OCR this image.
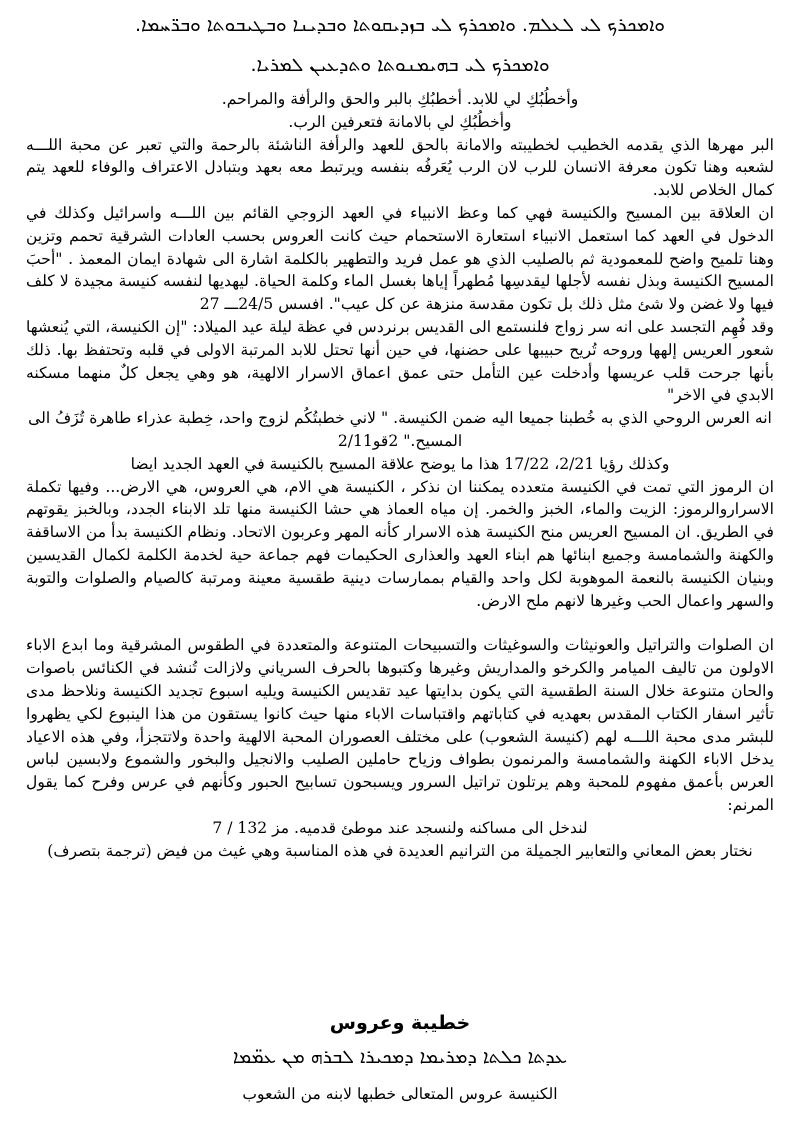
ܘܐܡܟܪܟ ܠܝ ܠܥܠܡ. ܘܐܡܟܪܟ ܠܝ ܒܙܕܝܩܘܬܐ ܘܒܕܝܢܐ ܘܒܛܝܒܘܬܐ ܘܒܪ̈ܚܡܐ.
ܘܐܡܟܪܟ ܠܝ ܒܗܝܡܢܘܬܐ ܘܬܕܥܝܢ ܠܡܪܝܐ.

وأخطُبُكِ لي للابد. أخطبُكِ بالبر والحق والرأفة والمراحم.

وأخطُبُكِ لي بالامانة فتعرفين الرب.

البر مهرها الذي يقدمه الخطيب لخطيبته والامانة بالحق للعهد والرأفة الناشئة بالرحمة والتي تعبر عن محبة اللـــه لشعبه وهنا تكون معرفة الانسان للرب لان الرب يُعَرفُه بنفسه ويرتبط معه بعهد وبتبادل الاعتراف والوفاء للعهد يتم كمال الخلاص للابد.

ان العلاقة بين المسيح والكنيسة فهي كما وعظ الانبياء في العهد الزوجي القائم بين اللـــه واسرائيل وكذلك في الدخول في العهد كما استعمل الانبياء استعارة الاستحمام حيث كانت العروس بحسب العادات الشرقية تحمم وتزين وهنا تلميح واضح للمعمودية ثم بالصليب الذي هو عمل فريد والتطهير بالكلمة اشارة الى شهادة ايمان المعمذ . "أحبَ المسيح الكنيسة وبذل نفسه لأجلها ليقدسِها مُطهراً إياها بغسل الماء وكلمة الحياة. ليهديها لنفسه كنيسة مجيدة لا كلف فيها ولا غضن ولا شئ مثل ذلك بل تكون مقدسة منزهة عن كل عيب". افسس 24/5ـــ 27

وقد فُهِم التجسد على انه سر زواج فلنستمع الى القديس برنردس في عظة ليلة عيد الميلاد: "إن الكنيسة، التي يُنعشها شعور العريس إلهها وروحه تُريح حبيبها على حضنها، في حين أنها تحتل للابد المرتبة الاولى في قلبه وتحتفظ بها. ذلك بأنها جرحت قلب عريسها وأدخلت عين التأمل حتى عمق اعماق الاسرار الالهية، هو وهي يجعل كلٌ منهما مسكنه الابدي في الاخر"

انه العرس الروحي الذي به خُطبنا جميعا اليه ضمن الكنيسة. " لاني خطبتُكُم لزوج واحد، خِطبة عذراء طاهرة تُزَفُ الى المسيح." 2قو2/11

وكذلك رؤيا 2/21، 17/22 هذا ما يوضح علاقة المسيح بالكنيسة في العهد الجديد ايضا

ان الرموز التي تمت في الكنيسة متعدده يمكننا ان نذكر ، الكنيسة هي الام، هي العروس، هي الارض... وفيها تكملة الاسراروالرموز: الزيت والماء، الخبز والخمر. إن مياه العماذ هي حشا الكنيسة منها تلد الابناء الجدد، وبالخبز يقوتهم في الطريق. ان المسيح العريس منح الكنيسة هذه الاسرار كأنه المهر وعربون الاتحاد. ونظام الكنيسة بدأ من الاساقفة والكهنة والشمامسة وجميع ابنائها هم ابناء العهد والعذارى الحكيمات فهم جماعة حية لخدمة الكلمة لكمال القديسين وبنيان الكنيسة بالنعمة الموهوبة لكل واحد والقيام بممارسات دينية طقسية معينة ومرتبة كالصيام والصلوات والتوبة والسهر واعمال الحب وغيرها لانهم ملح الارض.

ان الصلوات والتراتيل والعونيثات والسوغيثات والتسبيحات المتنوعة والمتعددة في الطقوس المشرقية وما ابدع الاباء الاولون من تاليف الميامر والكرخو والمداريش وغيرها وكتبوها بالحرف السرياني ولازالت تُنشد في الكنائس باصوات والحان متنوعة خلال السنة الطقسية التي يكون بدايتها عيد تقديس الكنيسة ويليه اسبوع تجديد الكنيسة ونلاحظ مدى تأثير اسفار الكتاب المقدس بعهديه في كتاباتهم واقتباسات الاباء منها حيث كانوا يستقون من هذا الينبوع لكي يظهروا للبشر مدى محبة اللـــه لهم (كنيسة الشعوب) على مختلف العصوران المحبة الالهية واحدة ولاتتجزأ، وفي هذه الاعياد يدخل الاباء الكهنة والشمامسة والمرنمون بطواف وزياح حاملين الصليب والانجيل والبخور والشموع ولابسين لباس العرس بأعمق مفهوم للمحبة وهم يرتلون تراتيل السرور ويسبحون تسابيح الحبور وكأنهم في عرس وفرح كما يقول المرنم:

لندخل الى مساكنه ولنسجد عند موطئ قدميه. مز 132 / 7

نختار بعض المعاني والتعابير الجميلة من الترانيم العديدة في هذه المناسبة وهي غيث من فيض (ترجمة بتصرف)

خطيبة وعروس
ܥܕܬܐ ܟܠܬܐ ܕܡܪܝܡܐ ܕܡܟܝܪܐ ܠܒܪܗ ܡܢ ܥܡ̈ܡܐ
الكنيسة عروس المتعالى خطبها لابنه من الشعوب
